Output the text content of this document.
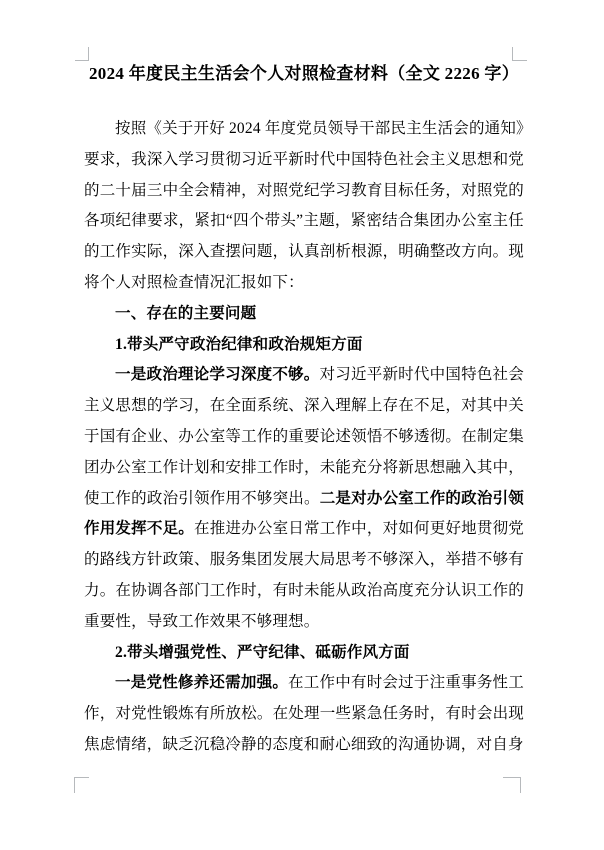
2024 年度民主生活会个人对照检查材料（全文 2226 字）

按照《关于开好 2024 年度党员领导干部民主生活会的通知》要求，我深入学习贯彻习近平新时代中国特色社会主义思想和党的二十届三中全会精神，对照党纪学习教育目标任务，对照党的各项纪律要求，紧扣“四个带头”主题，紧密结合集团办公室主任的工作实际，深入查摆问题，认真剖析根源，明确整改方向。现将个人对照检查情况汇报如下：

一、存在的主要问题

1.带头严守政治纪律和政治规矩方面

一是政治理论学习深度不够。对习近平新时代中国特色社会主义思想的学习，在全面系统、深入理解上存在不足，对其中关于国有企业、办公室等工作的重要论述领悟不够透彻。在制定集团办公室工作计划和安排工作时，未能充分将新思想融入其中，使工作的政治引领作用不够突出。二是对办公室工作的政治引领作用发挥不足。在推进办公室日常工作中，对如何更好地贯彻党的路线方针政策、服务集团发展大局思考不够深入，举措不够有力。在协调各部门工作时，有时未能从政治高度充分认识工作的重要性，导致工作效果不够理想。

2.带头增强党性、严守纪律、砥砺作风方面

一是党性修养还需加强。在工作中有时会过于注重事务性工作，对党性锻炼有所放松。在处理一些紧急任务时，有时会出现焦虑情绪，缺乏沉稳冷静的态度和耐心细致的沟通协调，对自身
